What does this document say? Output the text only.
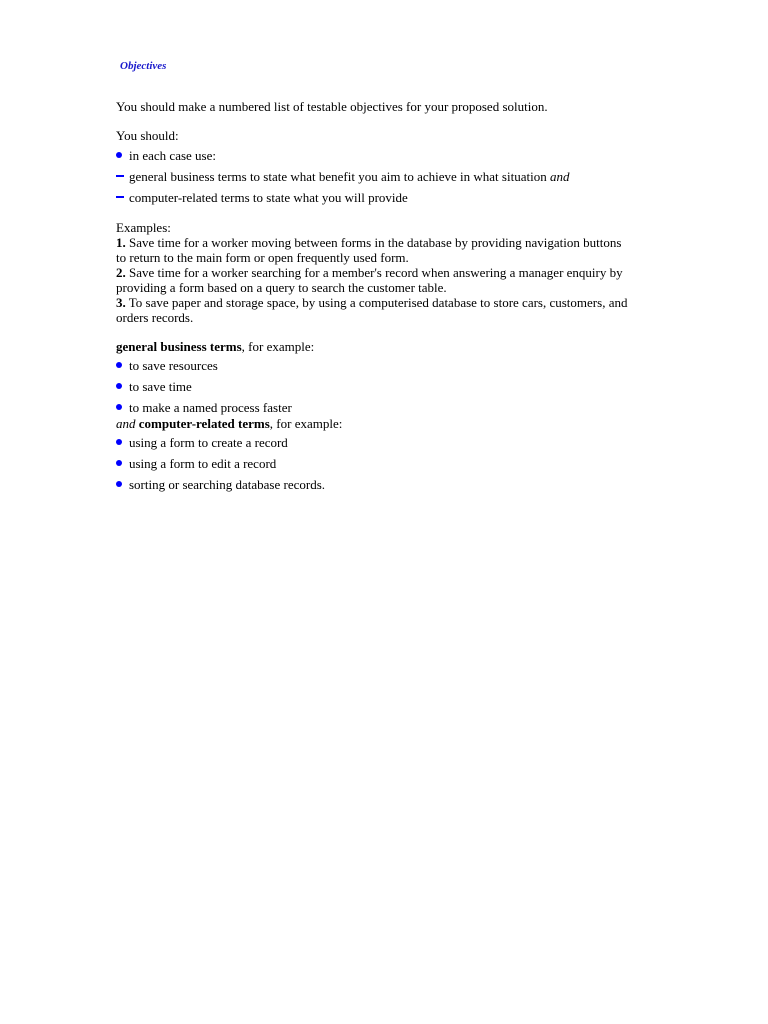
Objectives
You should make a numbered list of testable objectives for your proposed solution.
You should:
in each case use:
general business terms to state what benefit you aim to achieve in what situation and
computer-related terms to state what you will provide
Examples:
1. Save time for a worker moving between forms in the database by providing navigation buttons
to return to the main form or open frequently used form.
2. Save time for a worker searching for a member's record when answering a manager enquiry by
providing a form based on a query to search the customer table.
3. To save paper and storage space, by using a computerised database to store cars, customers, and
orders records.
general business terms, for example:
to save resources
to save time
to make a named process faster
and computer-related terms, for example:
using a form to create a record
using a form to edit a record
sorting or searching database records.
